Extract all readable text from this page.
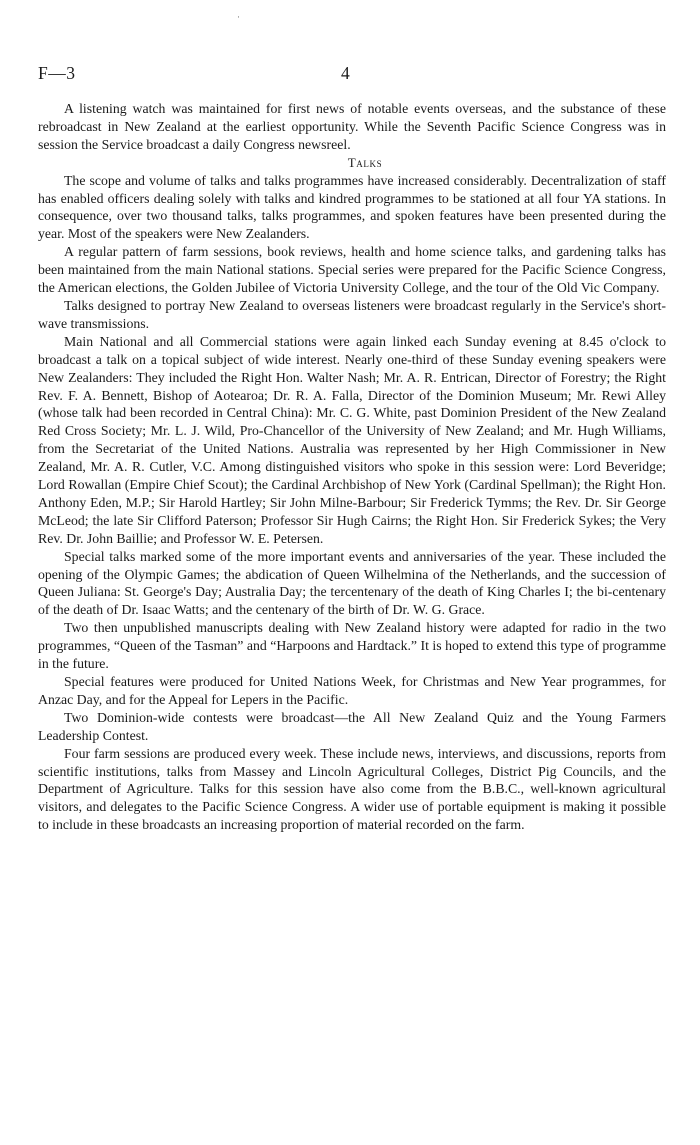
·
F—3	4

A listening watch was maintained for first news of notable events overseas, and the substance of these rebroadcast in New Zealand at the earliest opportunity. While the Seventh Pacific Science Congress was in session the Service broadcast a daily Congress newsreel.

Talks

The scope and volume of talks and talks programmes have increased considerably. Decentralization of staff has enabled officers dealing solely with talks and kindred programmes to be stationed at all four YA stations. In consequence, over two thousand talks, talks programmes, and spoken features have been presented during the year. Most of the speakers were New Zealanders.

A regular pattern of farm sessions, book reviews, health and home science talks, and gardening talks has been maintained from the main National stations. Special series were prepared for the Pacific Science Congress, the American elections, the Golden Jubilee of Victoria University College, and the tour of the Old Vic Company.

Talks designed to portray New Zealand to overseas listeners were broadcast regularly in the Service's short-wave transmissions.

Main National and all Commercial stations were again linked each Sunday evening at 8.45 o'clock to broadcast a talk on a topical subject of wide interest. Nearly one-third of these Sunday evening speakers were New Zealanders: They included the Right Hon. Walter Nash; Mr. A. R. Entrican, Director of Forestry; the Right Rev. F. A. Bennett, Bishop of Aotearoa; Dr. R. A. Falla, Director of the Dominion Museum; Mr. Rewi Alley (whose talk had been recorded in Central China): Mr. C. G. White, past Dominion President of the New Zealand Red Cross Society; Mr. L. J. Wild, Pro-Chancellor of the University of New Zealand; and Mr. Hugh Williams, from the Secretariat of the United Nations. Australia was represented by her High Commissioner in New Zealand, Mr. A. R. Cutler, V.C. Among distinguished visitors who spoke in this session were: Lord Beveridge; Lord Rowallan (Empire Chief Scout); the Cardinal Archbishop of New York (Cardinal Spellman); the Right Hon. Anthony Eden, M.P.; Sir Harold Hartley; Sir John Milne-Barbour; Sir Frederick Tymms; the Rev. Dr. Sir George McLeod; the late Sir Clifford Paterson; Professor Sir Hugh Cairns; the Right Hon. Sir Frederick Sykes; the Very Rev. Dr. John Baillie; and Professor W. E. Petersen.

Special talks marked some of the more important events and anniversaries of the year. These included the opening of the Olympic Games; the abdication of Queen Wilhelmina of the Netherlands, and the succession of Queen Juliana: St. George's Day; Australia Day; the tercentenary of the death of King Charles I; the bi-centenary of the death of Dr. Isaac Watts; and the centenary of the birth of Dr. W. G. Grace.

Two then unpublished manuscripts dealing with New Zealand history were adapted for radio in the two programmes, “Queen of the Tasman” and “Harpoons and Hardtack.” It is hoped to extend this type of programme in the future.

Special features were produced for United Nations Week, for Christmas and New Year programmes, for Anzac Day, and for the Appeal for Lepers in the Pacific.

Two Dominion-wide contests were broadcast—the All New Zealand Quiz and the Young Farmers Leadership Contest.

Four farm sessions are produced every week. These include news, interviews, and discussions, reports from scientific institutions, talks from Massey and Lincoln Agricultural Colleges, District Pig Councils, and the Department of Agriculture. Talks for this session have also come from the B.B.C., well-known agricultural visitors, and delegates to the Pacific Science Congress. A wider use of portable equipment is making it possible to include in these broadcasts an increasing proportion of material recorded on the farm.
